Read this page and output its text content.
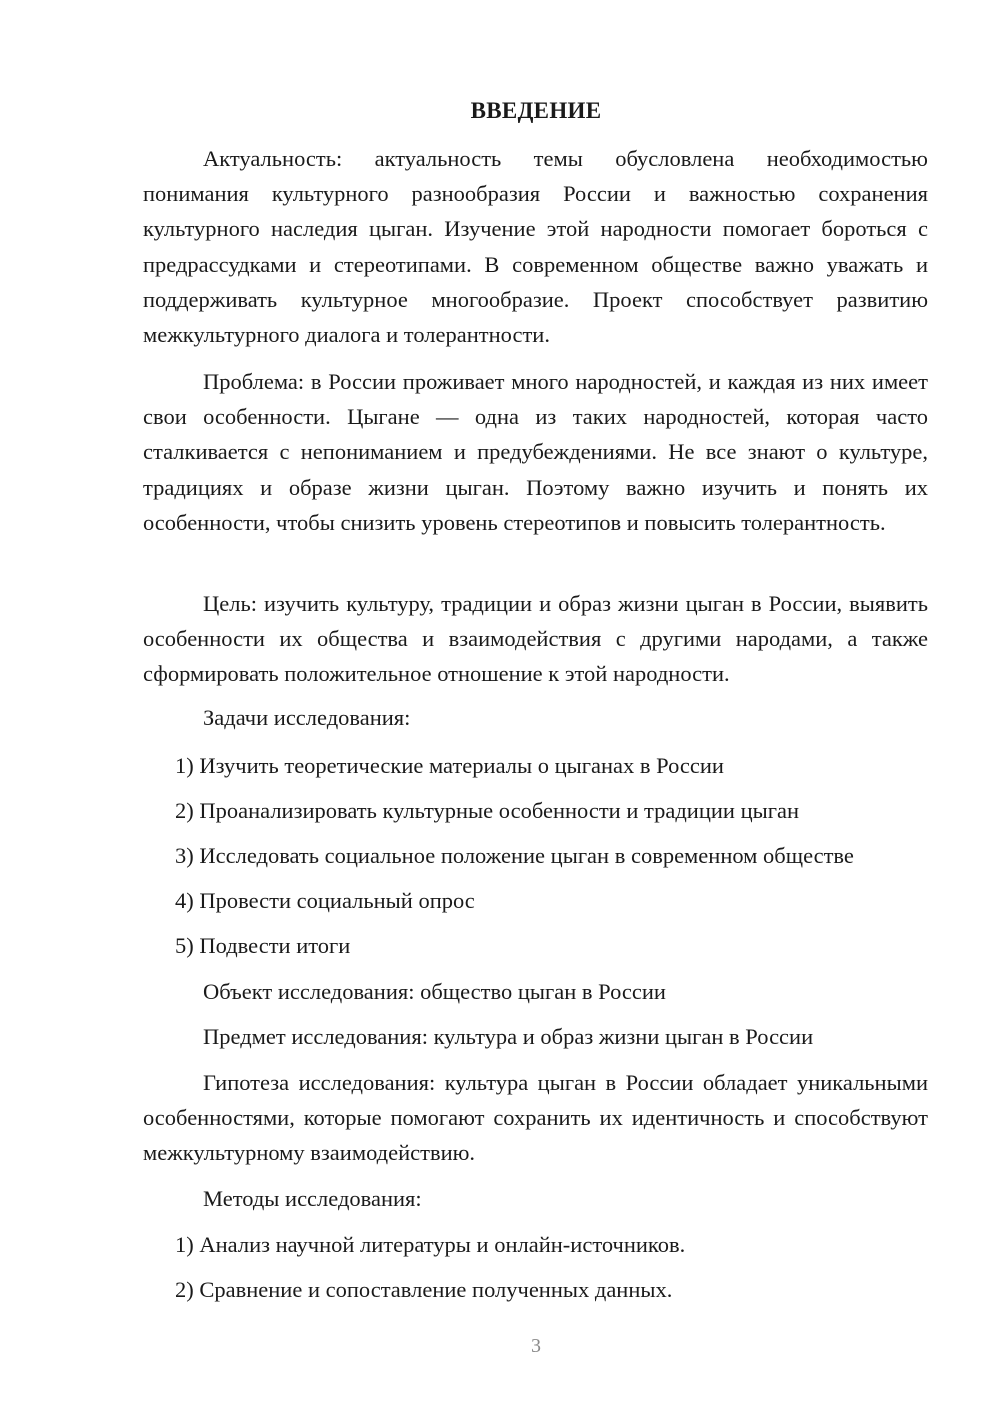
ВВЕДЕНИЕ

Актуальность: актуальность темы обусловлена необходимостью понимания культурного разнообразия России и важностью сохранения культурного наследия цыган. Изучение этой народности помогает бороться с предрассудками и стереотипами. В современном обществе важно уважать и поддерживать культурное многообразие. Проект способствует развитию межкультурного диалога и толерантности.

Проблема: в России проживает много народностей, и каждая из них имеет свои особенности. Цыгане — одна из таких народностей, которая часто сталкивается с непониманием и предубеждениями. Не все знают о культуре, традициях и образе жизни цыган. Поэтому важно изучить и понять их особенности, чтобы снизить уровень стереотипов и повысить толерантность.

Цель: изучить культуру, традиции и образ жизни цыган в России, выявить особенности их общества и взаимодействия с другими народами, а также сформировать положительное отношение к этой народности.

Задачи исследования:

1) Изучить теоретические материалы о цыганах в России

2) Проанализировать культурные особенности и традиции цыган

3) Исследовать социальное положение цыган в современном обществе

4) Провести социальный опрос

5) Подвести итоги

Объект исследования: общество цыган в России

Предмет исследования: культура и образ жизни цыган в России

Гипотеза исследования: культура цыган в России обладает уникальными особенностями, которые помогают сохранить их идентичность и способствуют межкультурному взаимодействию.

Методы исследования:

1) Анализ научной литературы и онлайн-источников.

2) Сравнение и сопоставление полученных данных.

3
